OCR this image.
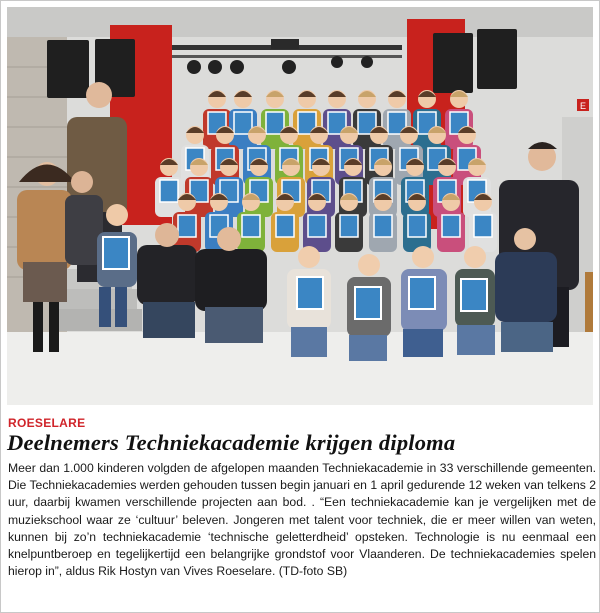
E
ROESELARE
Deelnemers Techniekacademie krijgen diploma

Meer dan 1.000 kinderen volgden de afgelopen maanden Techniekacademie in 33 verschillende gemeenten. Die Techniekacademies werden gehouden tussen begin januari en 1 april gedurende 12 weken van telkens 2 uur, daarbij kwamen verschillende projecten aan bod. . “Een techniekacademie kan je vergelijken met de muziekschool waar ze ‘cultuur’ beleven. Jongeren met talent voor techniek, die er meer willen van weten, kunnen bij zo’n techniekacademie ‘technische geletterdheid’ opsteken. Technologie is nu eenmaal een knelpuntberoep en tegelijkertijd een belangrijke grondstof voor Vlaanderen. De techniekacademies spelen hierop in”, aldus Rik Hostyn van Vives Roeselare. (TD-foto SB)
